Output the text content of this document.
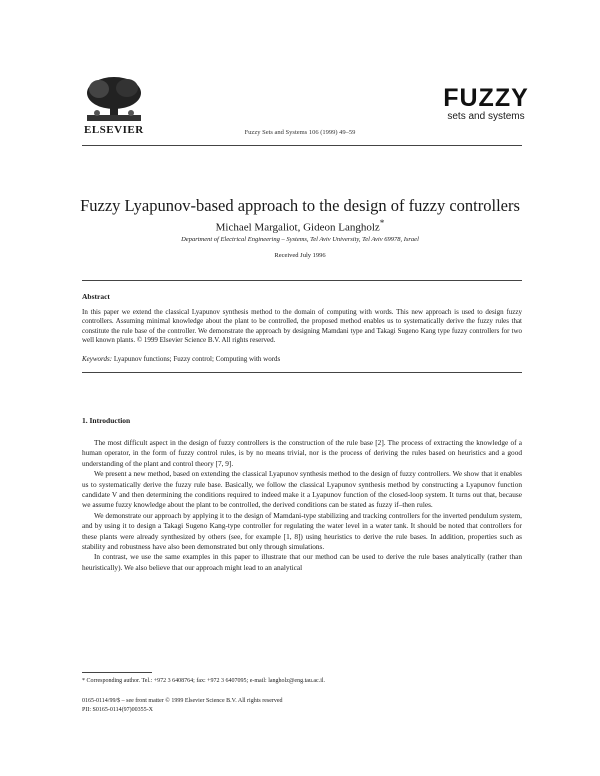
ELSEVIER	Fuzzy Sets and Systems 106 (1999) 49–59
FUZZY
sets and systems
Fuzzy Lyapunov-based approach to the design of fuzzy controllers
Michael Margaliot, Gideon Langholz*
Department of Electrical Engineering – Systems, Tel Aviv University, Tel Aviv 69978, Israel
Received July 1996
Abstract
In this paper we extend the classical Lyapunov synthesis method to the domain of computing with words. This new approach is used to design fuzzy controllers. Assuming minimal knowledge about the plant to be controlled, the proposed method enables us to systematically derive the fuzzy rules that constitute the rule base of the controller. We demonstrate the approach by designing Mamdani type and Takagi Sugeno Kang type fuzzy controllers for two well known plants. © 1999 Elsevier Science B.V. All rights reserved.
Keywords: Lyapunov functions; Fuzzy control; Computing with words
1. Introduction

The most difficult aspect in the design of fuzzy controllers is the construction of the rule base [2]. The process of extracting the knowledge of a human operator, in the form of fuzzy control rules, is by no means trivial, nor is the process of deriving the rules based on heuristics and a good understanding of the plant and control theory [7, 9].

We present a new method, based on extending the classical Lyapunov synthesis method to the design of fuzzy controllers. We show that it enables us to systematically derive the fuzzy rule base. Basically, we follow the classical Lyapunov synthesis method by constructing a Lyapunov function candidate V and then determining the conditions required to indeed make it a Lyapunov function of the closed-loop system. It turns out that, because we assume fuzzy knowledge about the plant to be controlled, the derived conditions can be stated as fuzzy if–then rules.

We demonstrate our approach by applying it to the design of Mamdani-type stabilizing and tracking controllers for the inverted pendulum system, and by using it to design a Takagi Sugeno Kang-type controller for regulating the water level in a water tank. It should be noted that controllers for these plants were already synthesized by others (see, for example [1, 8]) using heuristics to derive the rule bases. In addition, properties such as stability and robustness have also been demonstrated but only through simulations.

In contrast, we use the same examples in this paper to illustrate that our method can be used to derive the rule bases analytically (rather than heuristically). We also believe that our approach might lead to an analytical

* Corresponding author. Tel.: +972 3 6408764; fax: +972 3 6407095; e-mail: langholz@eng.tau.ac.il.
0165-0114/99/$ – see front matter © 1999 Elsevier Science B.V. All rights reserved
PII: S0165-0114(97)00355-X
